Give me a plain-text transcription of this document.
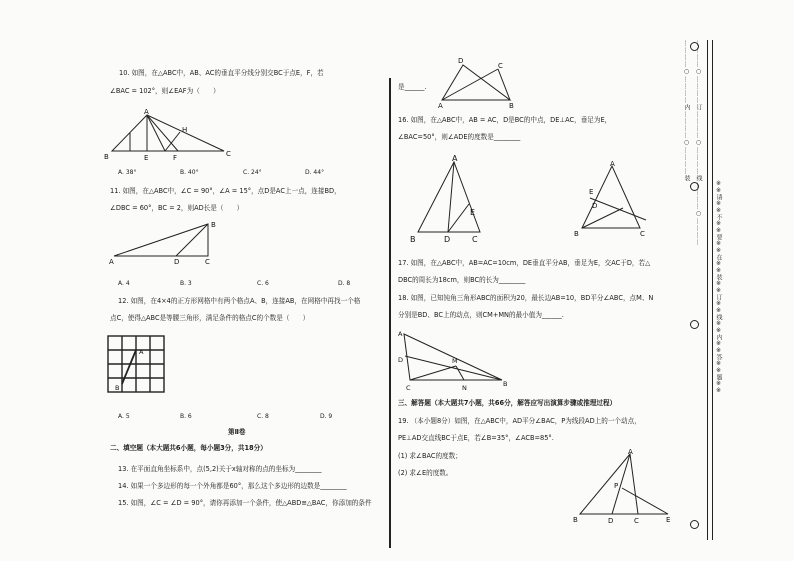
10. 如图，在△ABC中，AB、AC的垂直平分线分别交BC于点E，F，若
∠BAC = 102°，则∠EAF为（　　）
B
A
E	F
H
C
A. 38°	B. 40°	C. 24°	D. 44°
11. 如图，在△ABC中，∠C = 90°，∠A = 15°，点D是AC上一点，连接BD，
∠DBC = 60°，BC = 2，则AD长是（　　）
A
B
D	C
A. 4	B. 3	C. 6	D. 8
12. 如图，在4×4的正方形网格中有两个格点A、B，连接AB，在网格中再找一个格
点C，使得△ABC是等腰三角形，满足条件的格点C的个数是（　　）
A
B
A. 5	B. 6	C. 8	D. 9
第Ⅱ卷
二、填空题（本大题共6小题，每小题3分，共18分）
13. 在平面直角坐标系中，点(5,2)关于x轴对称的点的坐标为________
14. 如果一个多边形的每一个外角都是60°，那么这个多边形的边数是________
15. 如图，∠C = ∠D = 90°，请你再添加一个条件，使△ABD≌△BAC，你添加的条件
D
C
A	B
是______.
16. 如图，在△ABC中，AB = AC，D是BC的中点，DE⊥AC，垂足为E，
∠BAC=50°，则∠ADE的度数是________
A
B	D	C
E
A
E
D
B	C
17. 如图，在△ABC中，AB=AC=10cm，DE垂直平分AB，垂足为E，交AC于D，若△
DBC的周长为18cm，则BC的长为________
18. 如图，已知钝角三角形ABC的面积为20，最长边AB=10，BD平分∠ABC，点M、N
分别是BD、BC上的动点，则CM+MN的最小值为______.
A
D	M
C	N	B
三、解答题（本大题共7小题，共66分，解答应写出演算步骤或推理过程）
19. （本小题8分）如图，在△ABC中，AD平分∠BAC，P为线段AD上的一个动点，
PE⊥AD交直线BC于点E，若∠B=35°，∠ACB=85°.
(1) 求∠BAC的度数；
(2) 求∠E的度数。
A
P
B	D	C	E
…………○…………内…………○…………装 …………○…………订…………○…………线…………○…………
※※请※※不※※要※※在※※装※※订※※线※※内※※答※※题※※
